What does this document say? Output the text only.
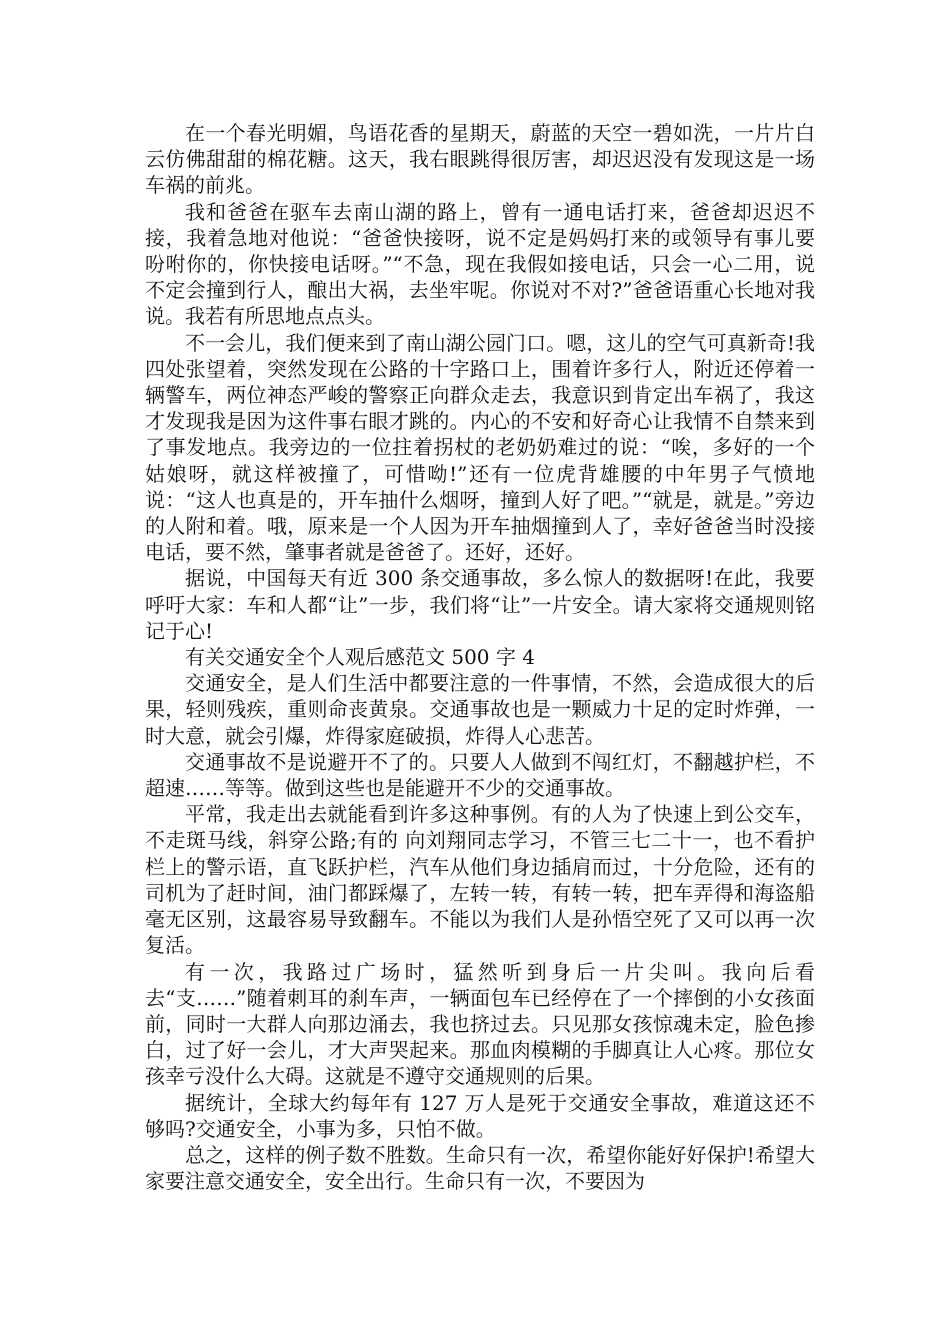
在一个春光明媚，鸟语花香的星期天，蔚蓝的天空一碧如洗，一片片白云仿佛甜甜的棉花糖。这天，我右眼跳得很厉害，却迟迟没有发现这是一场车祸的前兆。

我和爸爸在驱车去南山湖的路上，曾有一通电话打来，爸爸却迟迟不接，我着急地对他说：“爸爸快接呀，说不定是妈妈打来的或领导有事儿要吩咐你的，你快接电话呀。”“不急，现在我假如接电话，只会一心二用，说不定会撞到行人，酿出大祸，去坐牢呢。你说对不对?”爸爸语重心长地对我说。我若有所思地点点头。

不一会儿，我们便来到了南山湖公园门口。嗯，这儿的空气可真新奇!我四处张望着，突然发现在公路的十字路口上，围着许多行人，附近还停着一辆警车，两位神态严峻的警察正向群众走去，我意识到肯定出车祸了，我这才发现我是因为这件事右眼才跳的。内心的不安和好奇心让我情不自禁来到了事发地点。我旁边的一位拄着拐杖的老奶奶难过的说：“唉，多好的一个姑娘呀，就这样被撞了，可惜呦!”还有一位虎背雄腰的中年男子气愤地说：“这人也真是的，开车抽什么烟呀，撞到人好了吧。”“就是，就是。”旁边的人附和着。哦，原来是一个人因为开车抽烟撞到人了，幸好爸爸当时没接电话，要不然，肇事者就是爸爸了。还好，还好。

据说，中国每天有近 300 条交通事故，多么惊人的数据呀!在此，我要呼吁大家：车和人都“让”一步，我们将“让”一片安全。请大家将交通规则铭记于心!

有关交通安全个人观后感范文 500 字 4

交通安全，是人们生活中都要注意的一件事情，不然，会造成很大的后果，轻则残疾，重则命丧黄泉。交通事故也是一颗威力十足的定时炸弹，一时大意，就会引爆，炸得家庭破损，炸得人心悲苦。

交通事故不是说避开不了的。只要人人做到不闯红灯，不翻越护栏，不超速……等等。做到这些也是能避开不少的交通事故。

平常，我走出去就能看到许多这种事例。有的人为了快速上到公交车，不走斑马线，斜穿公路;有的 向刘翔同志学习，不管三七二十一，也不看护栏上的警示语，直飞跃护栏，汽车从他们身边插肩而过，十分危险，还有的司机为了赶时间，油门都踩爆了，左转一转，有转一转，把车弄得和海盗船毫无区别，这最容易导致翻车。不能以为我们人是孙悟空死了又可以再一次复活。

有一次，我路过广场时，猛然听到身后一片尖叫。我向后看去“支……”随着刺耳的刹车声，一辆面包车已经停在了一个摔倒的小女孩面前，同时一大群人向那边涌去，我也挤过去。只见那女孩惊魂未定，脸色掺白，过了好一会儿，才大声哭起来。那血肉模糊的手脚真让人心疼。那位女孩幸亏没什么大碍。这就是不遵守交通规则的后果。

据统计，全球大约每年有 127 万人是死于交通安全事故，难道这还不够吗?交通安全，小事为多，只怕不做。

总之，这样的例子数不胜数。生命只有一次，希望你能好好保护!希望大家要注意交通安全，安全出行。生命只有一次，不要因为
